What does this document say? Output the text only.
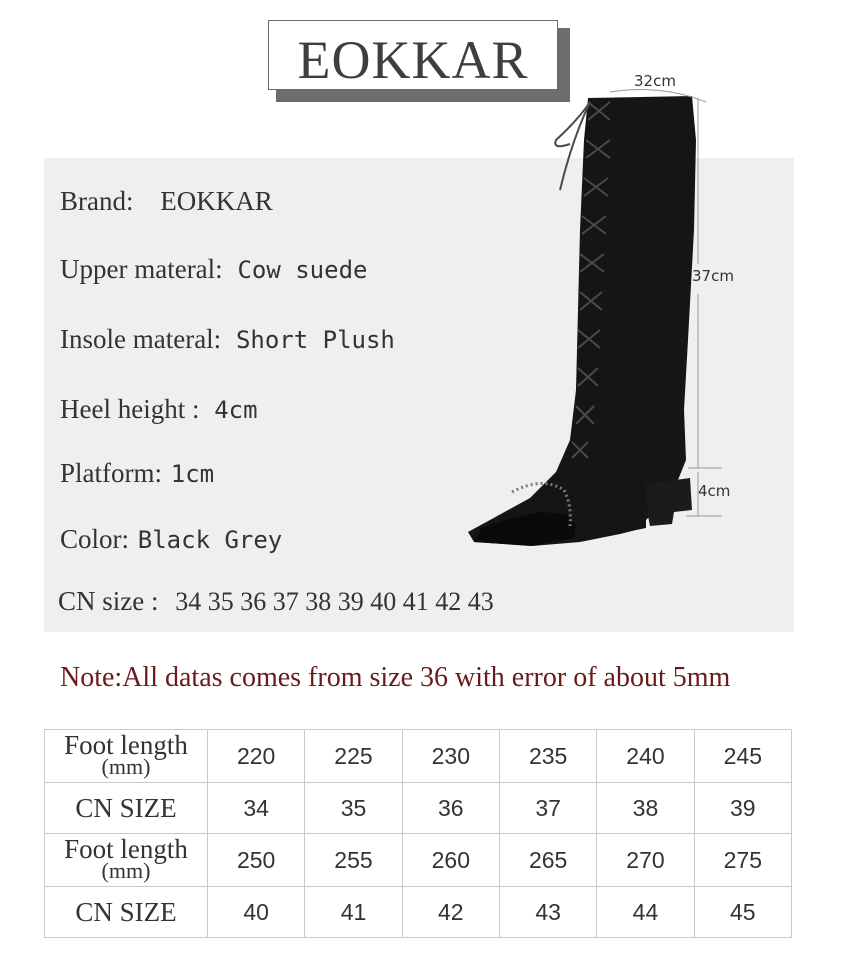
EOKKAR
Brand: EOKKAR
Upper materal: Cow suede
Insole materal: Short Plush
Heel height : 4cm
Platform: 1cm
Color: Black Grey
CN size : 34 35 36 37 38 39 40 41 42 43
32cm
37cm
4cm
Note:All datas comes from size 36 with error of about 5mm
Foot length
(mm)	220	225	230	235	240	245
CN SIZE	34	35	36	37	38	39
Foot length
(mm)	250	255	260	265	270	275
CN SIZE	40	41	42	43	44	45
